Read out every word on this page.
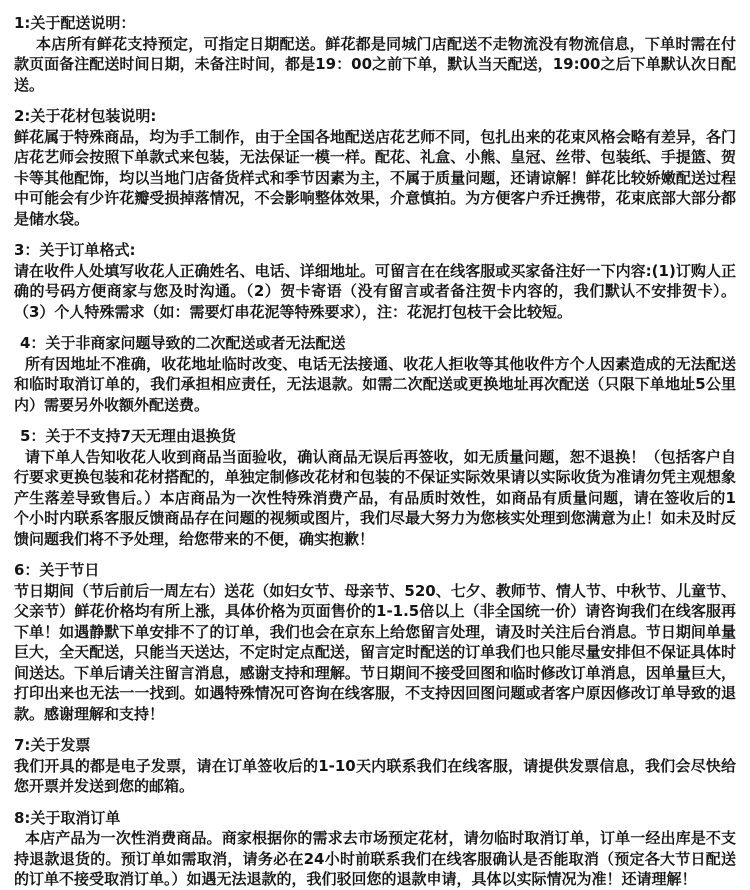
1:关于配送说明：

本店所有鲜花支持预定，可指定日期配送。鲜花都是同城门店配送不走物流没有物流信息，下单时需在付款页面备注配送时间日期，未备注时间，都是19：00之前下单，默认当天配送，19:00之后下单默认次日配送。

2:关于花材包装说明:

鲜花属于特殊商品，均为手工制作，由于全国各地配送店花艺师不同，包扎出来的花束风格会略有差异，各门店花艺师会按照下单款式来包装，无法保证一模一样。配花、礼盒、小熊、皇冠、丝带、包装纸、手提篮、贺卡等其他配饰，均以当地门店备货样式和季节因素为主，不属于质量问题，还请谅解！鲜花比较娇嫩配送过程中可能会有少许花瓣受损掉落情况，不会影响整体效果，介意慎拍。为方便客户乔迁携带，花束底部大部分都是储水袋。

3：关于订单格式:

请在收件人处填写收花人正确姓名、电话、详细地址。可留言在在线客服或买家备注好一下内容:(1)订购人正确的号码方便商家与您及时沟通。（2）贺卡寄语（没有留言或者备注贺卡内容的，我们默认不安排贺卡）。（3）个人特殊需求（如：需要灯串花泥等特殊要求），注：花泥打包枝干会比较短。

4：关于非商家问题导致的二次配送或者无法配送

所有因地址不准确，收花地址临时改变、电话无法接通、收花人拒收等其他收件方个人因素造成的无法配送和临时取消订单的，我们承担相应责任，无法退款。如需二次配送或更换地址再次配送（只限下单地址5公里内）需要另外收额外配送费。

5：关于不支持7天无理由退换货

请下单人告知收花人收到商品当面验收，确认商品无误后再签收，如无质量问题，恕不退换！（包括客户自行要求更换包装和花材搭配的，单独定制修改花材和包装的不保证实际效果请以实际收货为准请勿凭主观想象产生落差导致售后。）本店商品为一次性特殊消费产品，有品质时效性，如商品有质量问题，请在签收后的1个小时内联系客服反馈商品存在问题的视频或图片，我们尽最大努力为您核实处理到您满意为止！如未及时反馈问题我们将不予处理，给您带来的不便，确实抱歉！

6：关于节日

节日期间（节后前后一周左右）送花（如妇女节、母亲节、520、七夕、教师节、情人节、中秋节、儿童节、父亲节）鲜花价格均有所上涨，具体价格为页面售价的1-1.5倍以上（非全国统一价）请咨询我们在线客服再下单！如遇静默下单安排不了的订单，我们也会在京东上给您留言处理，请及时关注后台消息。节日期间单量巨大，全天配送，只能当天送达，不定时定点配送，留言定时配送的订单我们也只能尽量安排但不保证具体时间送达。下单后请关注留言消息，感谢支持和理解。节日期间不接受回图和临时修改订单消息，因单量巨大，打印出来也无法一一找到。如遇特殊情况可咨询在线客服，不支持因回图问题或者客户原因修改订单导致的退款。感谢理解和支持！

7:关于发票

我们开具的都是电子发票，请在订单签收后的1-10天内联系我们在线客服，请提供发票信息，我们会尽快给您开票并发送到您的邮箱。

8:关于取消订单

本店产品为一次性消费商品。商家根据你的需求去市场预定花材，请勿临时取消订单，订单一经出库是不支持退款退货的。预订单如需取消，请务必在24小时前联系我们在线客服确认是否能取消（预定各大节日配送的订单不接受取消订单。）如遇无法退款的，我们驳回您的退款申请，具体以实际情况为准！还请理解！
